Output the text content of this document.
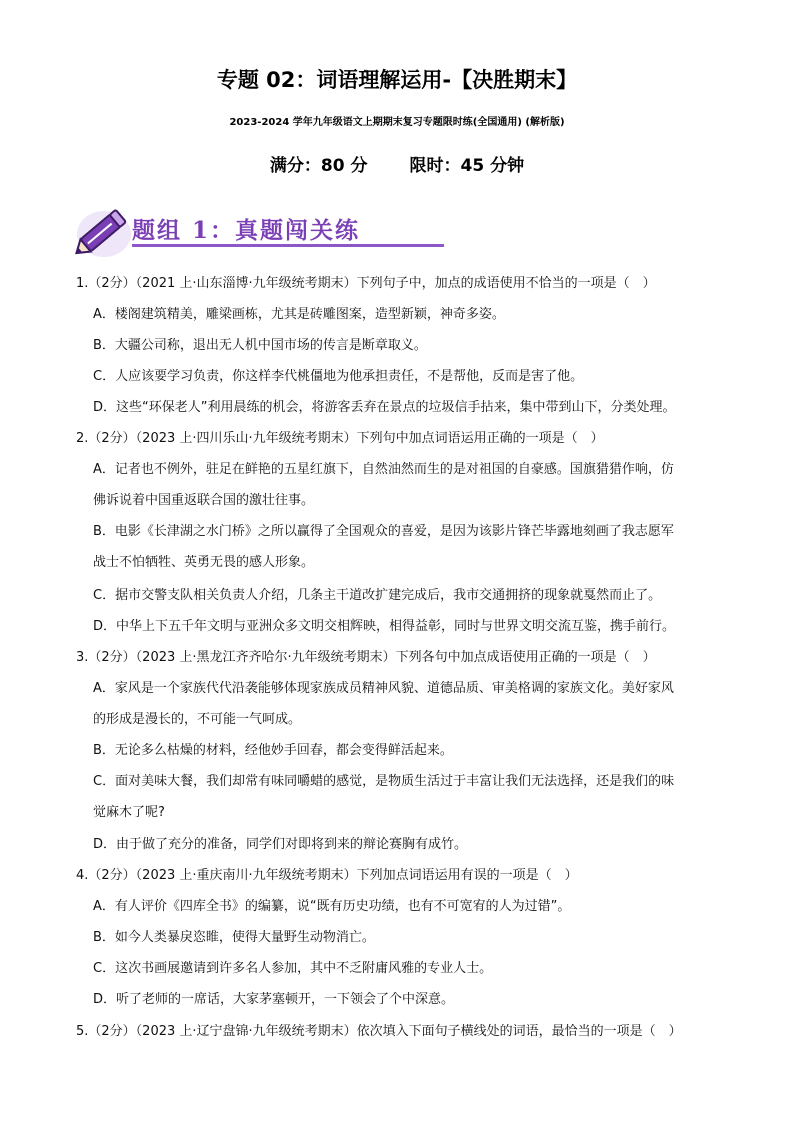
专题 02：词语理解运用-【决胜期末】
2023-2024 学年九年级语文上期期末复习专题限时练(全国通用) (解析版)
满分：80 分 限时：45 分钟
题组 1：真题闯关练
1.（2分）（2021 上·山东淄博·九年级统考期末）下列句子中，加点的成语使用不恰当的一项是（　）
A．楼阁建筑精美，雕梁画栋，尤其是砖雕图案，造型新颖，神奇多姿。
B．大疆公司称，退出无人机中国市场的传言是断章取义。
C．人应该要学习负责，你这样李代桃僵地为他承担责任，不是帮他，反而是害了他。
D．这些“环保老人”利用晨练的机会，将游客丢弃在景点的垃圾信手拈来，集中带到山下，分类处理。
2.（2分）（2023 上·四川乐山·九年级统考期末）下列句中加点词语运用正确的一项是（　）
A．记者也不例外，驻足在鲜艳的五星红旗下，自然油然而生的是对祖国的自豪感。国旗猎猎作响，仿
佛诉说着中国重返联合国的激壮往事。
B．电影《长津湖之水门桥》之所以赢得了全国观众的喜爱，是因为该影片锋芒毕露地刻画了我志愿军
战士不怕牺牲、英勇无畏的感人形象。
C．据市交警支队相关负责人介绍，几条主干道改扩建完成后，我市交通拥挤的现象就戛然而止了。
D．中华上下五千年文明与亚洲众多文明交相辉映，相得益彰，同时与世界文明交流互鉴，携手前行。
3.（2分）（2023 上·黑龙江齐齐哈尔·九年级统考期末）下列各句中加点成语使用正确的一项是（　）
A．家风是一个家族代代沿袭能够体现家族成员精神风貌、道德品质、审美格调的家族文化。美好家风
的形成是漫长的，不可能一气呵成。
B．无论多么枯燥的材料，经他妙手回春，都会变得鲜活起来。
C．面对美味大餐，我们却常有味同嚼蜡的感觉，是物质生活过于丰富让我们无法选择，还是我们的味
觉麻木了呢?
D．由于做了充分的准备，同学们对即将到来的辩论赛胸有成竹。
4.（2分）（2023 上·重庆南川·九年级统考期末）下列加点词语运用有误的一项是（　）
A．有人评价《四库全书》的编纂，说“既有历史功绩，也有不可宽宥的人为过错”。
B．如今人类暴戾恣睢，使得大量野生动物消亡。
C．这次书画展邀请到许多名人参加，其中不乏附庸风雅的专业人士。
D．听了老师的一席话，大家茅塞顿开，一下领会了个中深意。
5.（2分）（2023 上·辽宁盘锦·九年级统考期末）依次填入下面句子横线处的词语，最恰当的一项是（　）
